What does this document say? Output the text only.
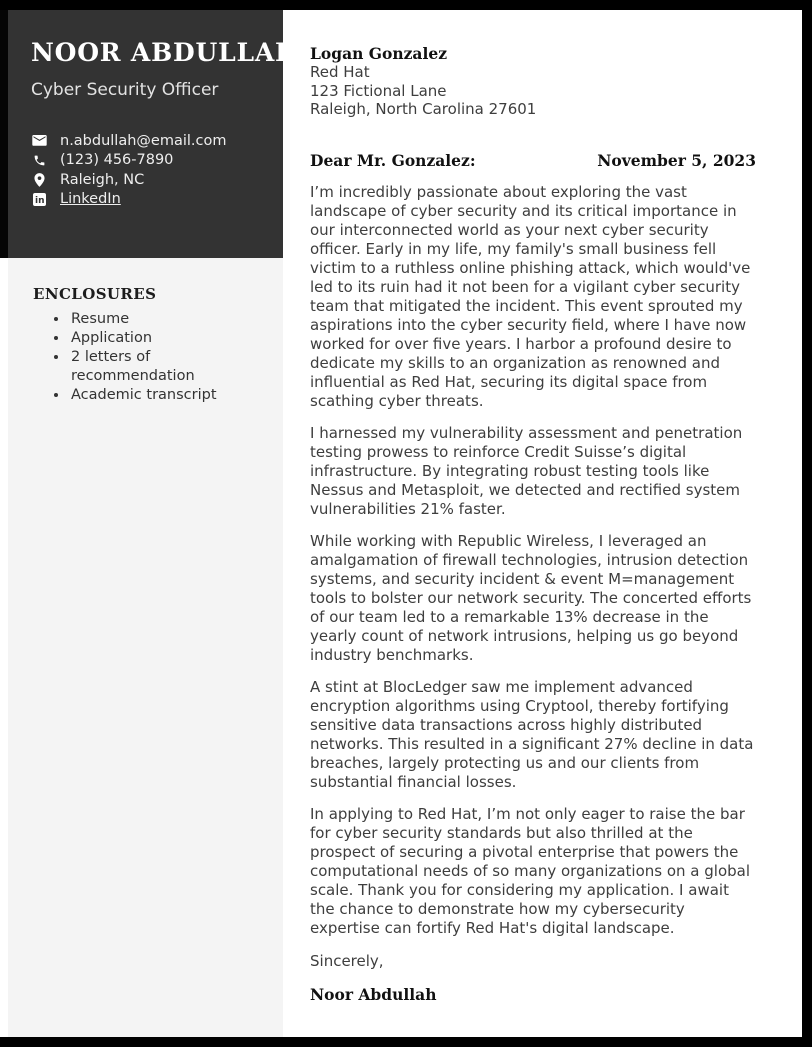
NOOR ABDULLAH
Cyber Security Officer
n.abdullah@email.com
(123) 456-7890
Raleigh, NC
in LinkedIn
ENCLOSURES
• Resume
• Application
• 2 letters of recommendation
• Academic transcript
Logan Gonzalez
Red Hat
123 Fictional Lane
Raleigh, North Carolina 27601
Dear Mr. Gonzalez:	November 5, 2023

I’m incredibly passionate about exploring the vast landscape of cyber security and its critical importance in our interconnected world as your next cyber security officer. Early in my life, my family's small business fell victim to a ruthless online phishing attack, which would've led to its ruin had it not been for a vigilant cyber security team that mitigated the incident. This event sprouted my aspirations into the cyber security field, where I have now worked for over five years. I harbor a profound desire to dedicate my skills to an organization as renowned and influential as Red Hat, securing its digital space from scathing cyber threats.

I harnessed my vulnerability assessment and penetration testing prowess to reinforce Credit Suisse’s digital infrastructure. By integrating robust testing tools like Nessus and Metasploit, we detected and rectified system vulnerabilities 21% faster.

While working with Republic Wireless, I leveraged an amalgamation of firewall technologies, intrusion detection systems, and security incident & event M=management tools to bolster our network security. The concerted efforts of our team led to a remarkable 13% decrease in the yearly count of network intrusions, helping us go beyond industry benchmarks.

A stint at BlocLedger saw me implement advanced encryption algorithms using Cryptool, thereby fortifying sensitive data transactions across highly distributed networks. This resulted in a significant 27% decline in data breaches, largely protecting us and our clients from substantial financial losses.

In applying to Red Hat, I’m not only eager to raise the bar for cyber security standards but also thrilled at the prospect of securing a pivotal enterprise that powers the computational needs of so many organizations on a global scale. Thank you for considering my application. I await the chance to demonstrate how my cybersecurity expertise can fortify Red Hat's digital landscape.

Sincerely,

Noor Abdullah
